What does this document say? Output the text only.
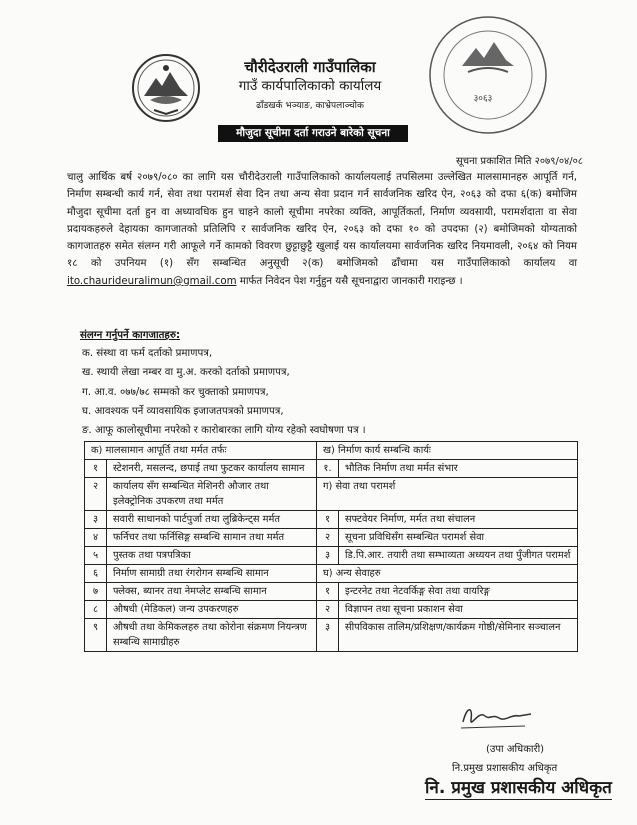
३०६३
चौरीदेउराली गाउँपालिका
गाउँ कार्यपालिकाको कार्यालय
ढाँडखर्क भञ्याङ, काभ्रेपलाञ्चोक
मौजुदा सूचीमा दर्ता गराउने बारेको सूचना
सूचना प्रकाशित मिति २०७९/०४/०८
चालु आर्थिक बर्ष २०७९/०८० का लागि यस चौरीदेउराली गाउँपालिकाको कार्यालयलाई तपसिलमा उल्लेखित मालसामानहरु आपूर्ति गर्न, निर्माण सम्बन्धी कार्य गर्न, सेवा तथा परामर्श सेवा दिन तथा अन्य सेवा प्रदान गर्न सार्वजनिक खरिद ऐन, २०६३ को दफा ६(क) बमोजिम मौजुदा सूचीमा दर्ता हुन वा अध्यावधिक हुन चाहने कालो सूचीमा नपरेका व्यक्ति, आपूर्तिकर्ता, निर्माण व्यवसायी, परामर्शदाता वा सेवा प्रदायकहरुले देहायका कागजातको प्रतिलिपि र सार्वजनिक खरिद ऐन, २०६३ को दफा १० को उपदफा (२) बमोजिमको योग्यताको कागजातहरु समेत संलग्न गरी आफूले गर्ने कामको विवरण छुट्टाछुट्टै खुलाई यस कार्यालयमा सार्वजनिक खरिद नियमावली, २०६४ को नियम १८ को उपनियम (१) सँग सम्बन्धित अनुसूची २(क) बमोजिमको ढाँचामा यस गाउँपालिकाको कार्यालय वा ito.chaurideuralimun@gmail.com मार्फत निवेदन पेश गर्नुहुन यसै सूचनाद्वारा जानकारी गराइन्छ ।
संलग्न गर्नुपर्ने कागजातहरु:
क. संस्था वा फर्म दर्ताको प्रमाणपत्र,
ख. स्थायी लेखा नम्बर वा मु.अ. करको दर्ताको प्रमाणपत्र,
ग. आ.व. ०७७/७८ सम्मको कर चुक्ताको प्रमाणपत्र,
घ. आवश्यक पर्ने व्यावसायिक इजाजतपत्रको प्रमाणपत्र,
ङ. आफू कालोसूचीमा नपरेको र कारोबारका लागि योग्य रहेको स्वघोषणा पत्र ।
क) मालसामान आपूर्ति तथा मर्मत तर्फः		ख) निर्माण कार्य सम्बन्धि कार्यः	
१	स्टेशनरी, मसलन्द, छपाई तथा फुटकर कार्यालय सामान	१.	भौतिक निर्माण तथा मर्मत संभार
२	कार्यालय सँग सम्बन्धित मेशिनरी औजार तथा इलेक्ट्रोनिक उपकरण तथा मर्मत	ग) सेवा तथा परामर्श	
३	सवारी साधानको पार्टपुर्जा तथा लुब्रिकेन्ट्स मर्मत	१	सफ्टवेयर निर्माण, मर्मत तथा संचालन
४	फर्निचर तथा फर्निसिङ्ग सम्बन्धि सामान तथा मर्मत	२	सूचना प्रविधिसँग सम्बन्धित परामर्श सेवा
५	पुस्तक तथा पत्रपत्रिका	३	डि.पि.आर. तयारी तथा सम्भाव्यता अध्ययन तथा पुँजीगत परामर्श
६	निर्माण सामाग्री तथा रंगरोगन सम्बन्धि सामान	घ) अन्य सेवाहरु	
७	फ्लेक्स, ब्यानर तथा नेमप्लेट सम्बन्धि सामान	१	इन्टरनेट तथा नेटवर्किङ्ग सेवा तथा वायरिङ्ग
८	औषधी (मेडिकल) जन्य उपकरणहरु	२	विज्ञापन तथा सूचना प्रकाशन सेवा
९	औषधी तथा केमिकलहरु तथा कोरोना संक्रमण नियन्त्रण सम्बन्धि सामाग्रीहरु	३	सीपविकास तालिम/प्रशिक्षण/कार्यक्रम गोष्ठी/सेमिनार सञ्चालन
(उपा अधिकारी)
नि.प्रमुख प्रशासकीय अधिकृत
नि. प्रमुख प्रशासकीय अधिकृत
